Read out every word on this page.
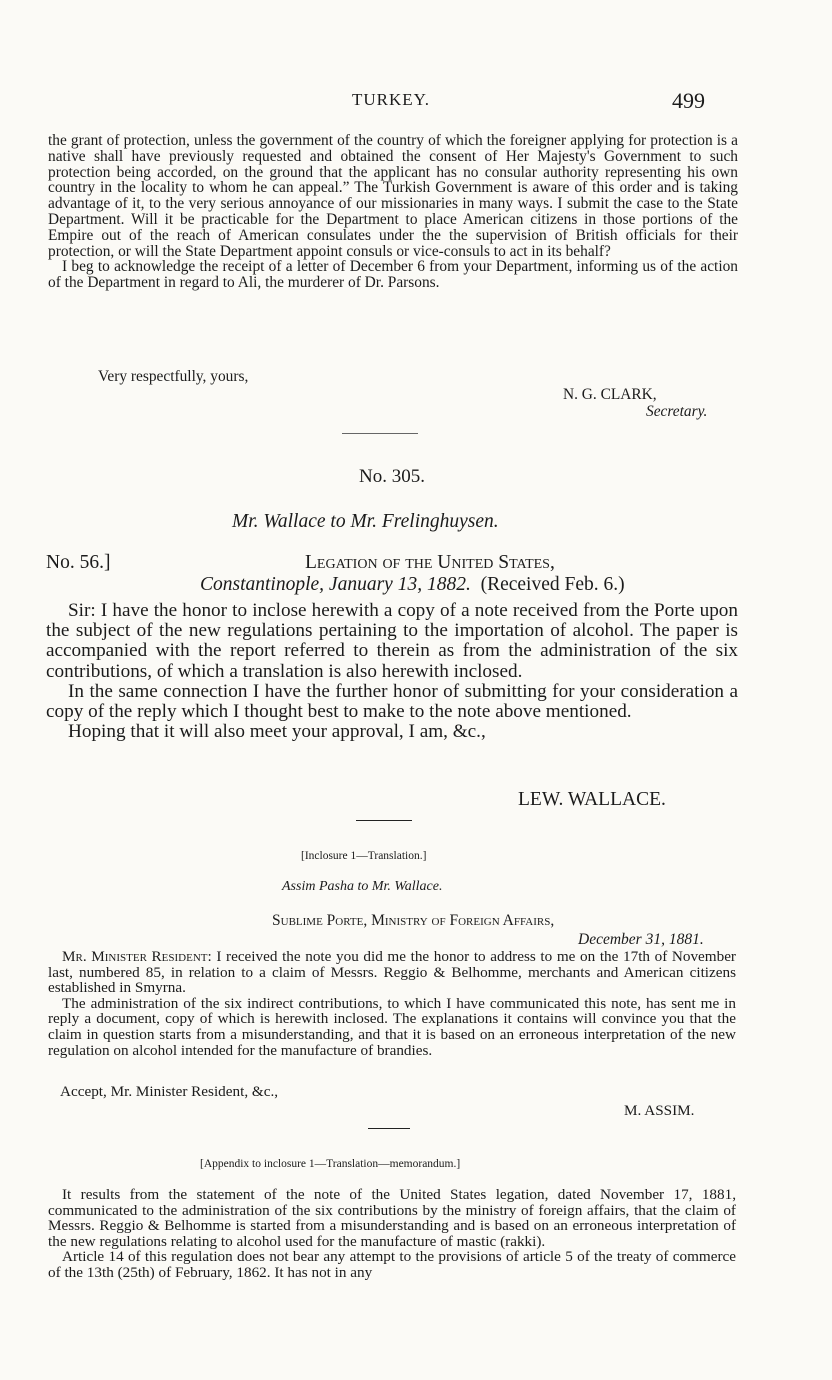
TURKEY.	499

the grant of protection, unless the government of the country of which the foreigner applying for protection is a native shall have previously requested and obtained the consent of Her Majesty's Government to such protection being accorded, on the ground that the applicant has no consular authority representing his own country in the locality to whom he can appeal.” The Turkish Government is aware of this order and is taking advantage of it, to the very serious annoyance of our missionaries in many ways. I submit the case to the State Department. Will it be practicable for the Department to place American citizens in those portions of the Empire out of the reach of American consulates under the the supervision of British officials for their protection, or will the State Department appoint consuls or vice-consuls to act in its behalf?

I beg to acknowledge the receipt of a letter of December 6 from your Department, informing us of the action of the Department in regard to Ali, the murderer of Dr. Parsons.

Very respectfully, yours,
N. G. CLARK,
Secretary.
No. 305.
Mr. Wallace to Mr. Frelinghuysen.
No. 56.]	Legation of the United States,
Constantinople, January 13, 1882. (Received Feb. 6.)

Sir: I have the honor to inclose herewith a copy of a note received from the Porte upon the subject of the new regulations pertaining to the importation of alcohol. The paper is accompanied with the report referred to therein as from the administration of the six contributions, of which a translation is also herewith inclosed.

In the same connection I have the further honor of submitting for your consideration a copy of the reply which I thought best to make to the note above mentioned.

Hoping that it will also meet your approval, I am, &c.,

LEW. WALLACE.
[Inclosure 1—Translation.]
Assim Pasha to Mr. Wallace.
Sublime Porte, Ministry of Foreign Affairs,
December 31, 1881.

Mr. Minister Resident: I received the note you did me the honor to address to me on the 17th of November last, numbered 85, in relation to a claim of Messrs. Reggio & Belhomme, merchants and American citizens established in Smyrna.

The administration of the six indirect contributions, to which I have communicated this note, has sent me in reply a document, copy of which is herewith inclosed. The explanations it contains will convince you that the claim in question starts from a misunderstanding, and that it is based on an erroneous interpretation of the new regulation on alcohol intended for the manufacture of brandies.

Accept, Mr. Minister Resident, &c.,
M. ASSIM.
[Appendix to inclosure 1—Translation—memorandum.]

It results from the statement of the note of the United States legation, dated November 17, 1881, communicated to the administration of the six contributions by the ministry of foreign affairs, that the claim of Messrs. Reggio & Belhomme is started from a misunderstanding and is based on an erroneous interpretation of the new regulations relating to alcohol used for the manufacture of mastic (rakki).

Article 14 of this regulation does not bear any attempt to the provisions of article 5 of the treaty of commerce of the 13th (25th) of February, 1862. It has not in any
